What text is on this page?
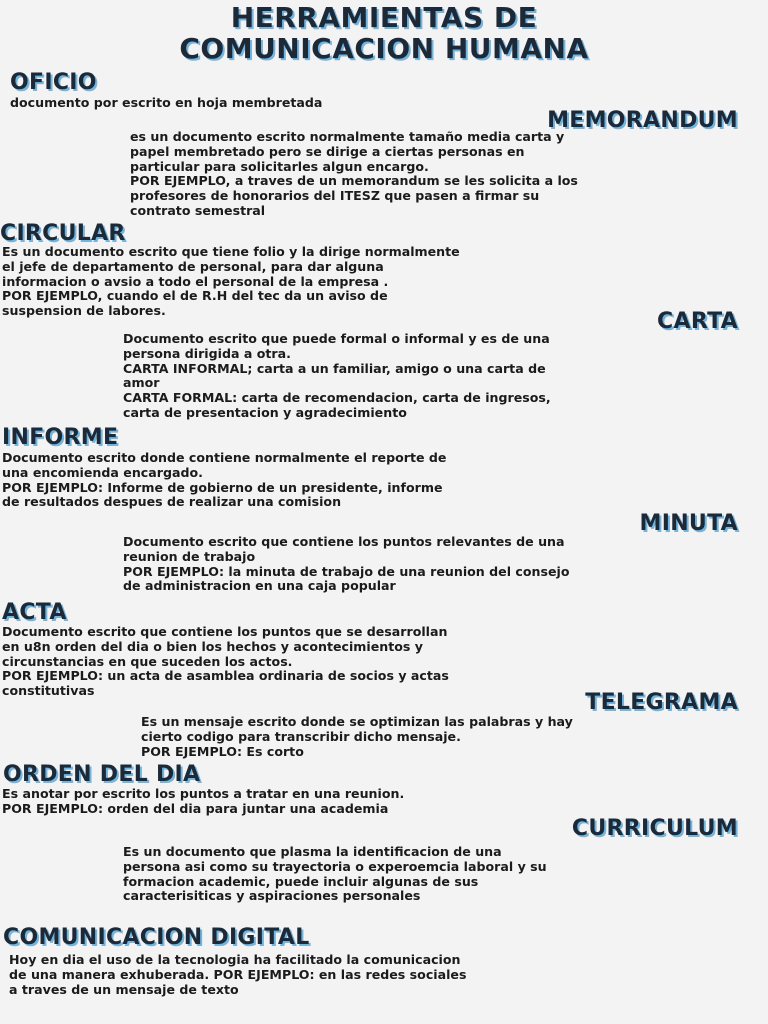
HERRAMIENTAS DE
COMUNICACION HUMANA
OFICIO
documento por escrito en hoja membretada
MEMORANDUM
es un documento escrito normalmente tamaño media carta y
papel membretado pero se dirige a ciertas personas en
particular para solicitarles algun encargo.
POR EJEMPLO, a traves de un memorandum se les solicita a los
profesores de honorarios del ITESZ que pasen a firmar su
contrato semestral
CIRCULAR
Es un documento escrito que tiene folio y la dirige normalmente
el jefe de departamento de personal, para dar alguna
informacion o avsio a todo el personal de la empresa .
POR EJEMPLO, cuando el de R.H del tec da un aviso de
suspension de labores.	CARTA
Documento escrito que puede formal o informal y es de una
persona dirigida a otra.
CARTA INFORMAL; carta a un familiar, amigo o una carta de
amor
CARTA FORMAL: carta de recomendacion, carta de ingresos,
carta de presentacion y agradecimiento
INFORME
Documento escrito donde contiene normalmente el reporte de
una encomienda encargado.
POR EJEMPLO: Informe de gobierno de un presidente, informe
de resultados despues de realizar una comision
MINUTA
Documento escrito que contiene los puntos relevantes de una
reunion de trabajo
POR EJEMPLO: la minuta de trabajo de una reunion del consejo
de administracion en una caja popular
ACTA
Documento escrito que contiene los puntos que se desarrollan
en u8n orden del dia o bien los hechos y acontecimientos y
circunstancias en que suceden los actos.
POR EJEMPLO: un acta de asamblea ordinaria de socios y actas
constitutivas	TELEGRAMA
Es un mensaje escrito donde se optimizan las palabras y hay
cierto codigo para transcribir dicho mensaje.
POR EJEMPLO: Es corto
ORDEN DEL DIA
Es anotar por escrito los puntos a tratar en una reunion.
POR EJEMPLO: orden del dia para juntar una academia
CURRICULUM
Es un documento que plasma la identificacion de una
persona asi como su trayectoria o experoemcia laboral y su
formacion academic, puede incluir algunas de sus
caracterisiticas y aspiraciones personales
COMUNICACION DIGITAL
Hoy en dia el uso de la tecnologia ha facilitado la comunicacion
de una manera exhuberada. POR EJEMPLO: en las redes sociales
a traves de un mensaje de texto
